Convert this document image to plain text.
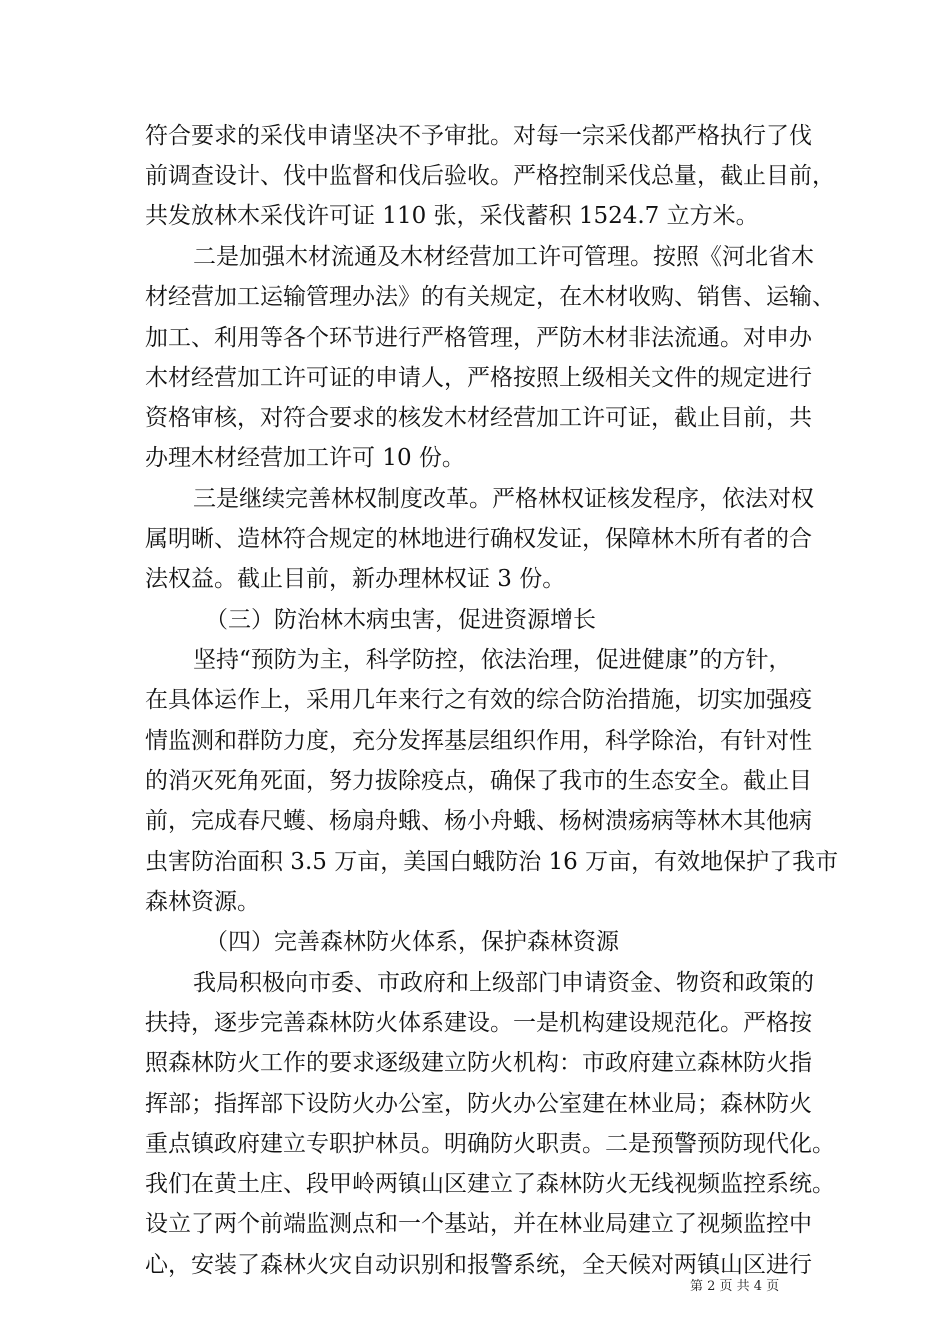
符合要求的采伐申请坚决不予审批。对每一宗采伐都严格执行了伐
前调查设计、伐中监督和伐后验收。严格控制采伐总量，截止目前，
共发放林木采伐许可证 110 张，采伐蓄积 1524.7 立方米。
二是加强木材流通及木材经营加工许可管理。按照《河北省木
材经营加工运输管理办法》的有关规定，在木材收购、销售、运输、
加工、利用等各个环节进行严格管理，严防木材非法流通。对申办
木材经营加工许可证的申请人，严格按照上级相关文件的规定进行
资格审核，对符合要求的核发木材经营加工许可证，截止目前，共
办理木材经营加工许可 10 份。
三是继续完善林权制度改革。严格林权证核发程序，依法对权
属明晰、造林符合规定的林地进行确权发证，保障林木所有者的合
法权益。截止目前，新办理林权证 3 份。
（三）防治林木病虫害，促进资源增长
坚持“预防为主，科学防控，依法治理，促进健康”的方针，
在具体运作上，采用几年来行之有效的综合防治措施，切实加强疫
情监测和群防力度，充分发挥基层组织作用，科学除治，有针对性
的消灭死角死面，努力拔除疫点，确保了我市的生态安全。截止目
前，完成春尺蠖、杨扇舟蛾、杨小舟蛾、杨树溃疡病等林木其他病
虫害防治面积 3.5 万亩，美国白蛾防治 16 万亩，有效地保护了我市
森林资源。
（四）完善森林防火体系，保护森林资源
我局积极向市委、市政府和上级部门申请资金、物资和政策的
扶持，逐步完善森林防火体系建设。一是机构建设规范化。严格按
照森林防火工作的要求逐级建立防火机构：市政府建立森林防火指
挥部；指挥部下设防火办公室，防火办公室建在林业局；森林防火
重点镇政府建立专职护林员。明确防火职责。二是预警预防现代化。
我们在黄土庄、段甲岭两镇山区建立了森林防火无线视频监控系统。
设立了两个前端监测点和一个基站，并在林业局建立了视频监控中
心，安装了森林火灾自动识别和报警系统，全天候对两镇山区进行
第 2 页 共 4 页
